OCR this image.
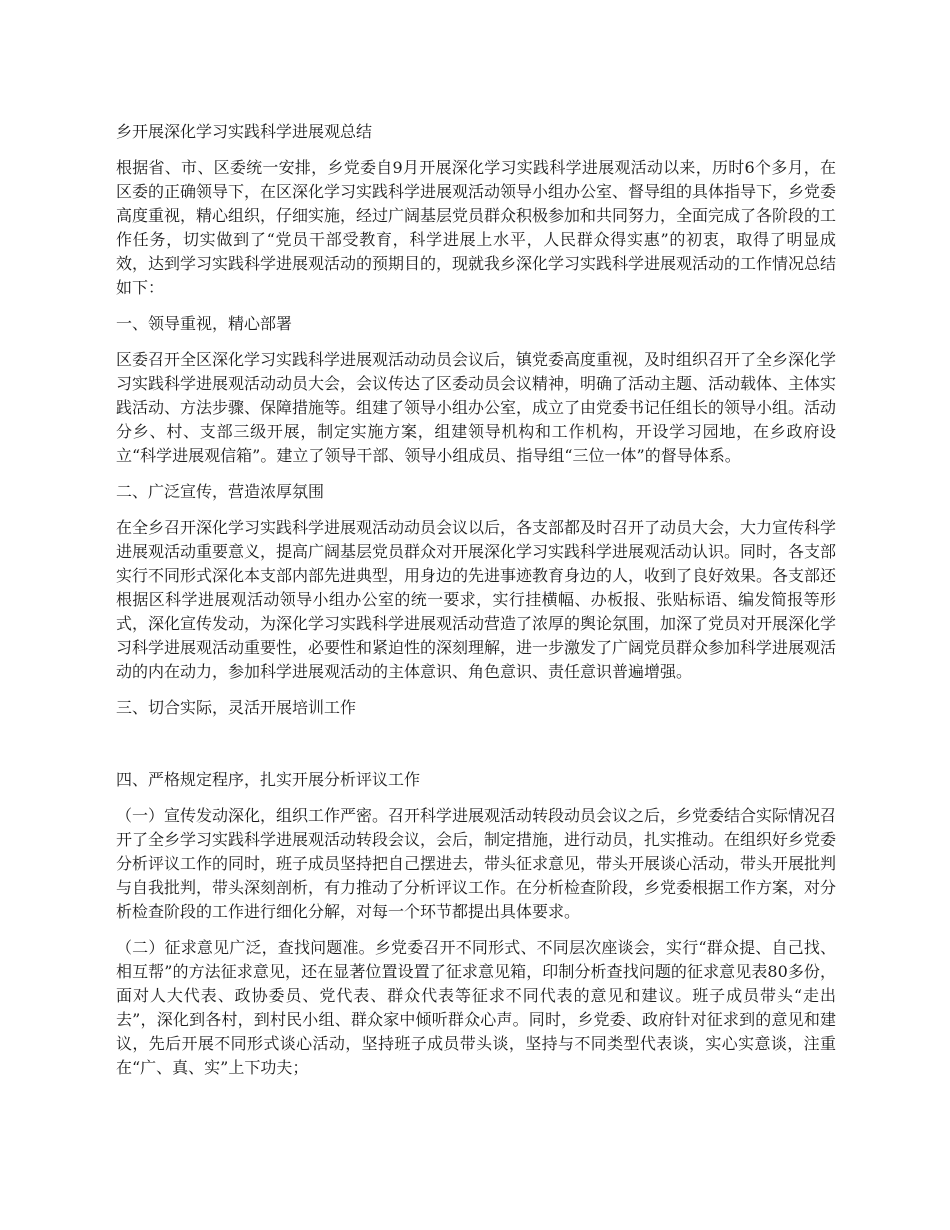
乡开展深化学习实践科学进展观总结

根据省、市、区委统一安排，乡党委自9月开展深化学习实践科学进展观活动以来，历时6个多月，在区委的正确领导下，在区深化学习实践科学进展观活动领导小组办公室、督导组的具体指导下，乡党委高度重视，精心组织，仔细实施，经过广阔基层党员群众积极参加和共同努力，全面完成了各阶段的工作任务，切实做到了“党员干部受教育，科学进展上水平，人民群众得实惠”的初衷，取得了明显成效，达到学习实践科学进展观活动的预期目的，现就我乡深化学习实践科学进展观活动的工作情况总结如下：

一、领导重视，精心部署

区委召开全区深化学习实践科学进展观活动动员会议后，镇党委高度重视，及时组织召开了全乡深化学习实践科学进展观活动动员大会，会议传达了区委动员会议精神，明确了活动主题、活动载体、主体实践活动、方法步骤、保障措施等。组建了领导小组办公室，成立了由党委书记任组长的领导小组。活动分乡、村、支部三级开展，制定实施方案，组建领导机构和工作机构，开设学习园地，在乡政府设立“科学进展观信箱”。建立了领导干部、领导小组成员、指导组“三位一体”的督导体系。

二、广泛宣传，营造浓厚氛围

在全乡召开深化学习实践科学进展观活动动员会议以后，各支部都及时召开了动员大会，大力宣传科学进展观活动重要意义，提高广阔基层党员群众对开展深化学习实践科学进展观活动认识。同时，各支部实行不同形式深化本支部内部先进典型，用身边的先进事迹教育身边的人，收到了良好效果。各支部还根据区科学进展观活动领导小组办公室的统一要求，实行挂横幅、办板报、张贴标语、编发简报等形式，深化宣传发动，为深化学习实践科学进展观活动营造了浓厚的舆论氛围，加深了党员对开展深化学习科学进展观活动重要性，必要性和紧迫性的深刻理解，进一步激发了广阔党员群众参加科学进展观活动的内在动力，参加科学进展观活动的主体意识、角色意识、责任意识普遍增强。

三、切合实际，灵活开展培训工作
四、严格规定程序，扎实开展分析评议工作

（一）宣传发动深化，组织工作严密。召开科学进展观活动转段动员会议之后，乡党委结合实际情况召开了全乡学习实践科学进展观活动转段会议，会后，制定措施，进行动员，扎实推动。在组织好乡党委分析评议工作的同时，班子成员坚持把自己摆进去，带头征求意见，带头开展谈心活动，带头开展批判与自我批判，带头深刻剖析，有力推动了分析评议工作。在分析检查阶段，乡党委根据工作方案，对分析检查阶段的工作进行细化分解，对每一个环节都提出具体要求。

（二）征求意见广泛，查找问题准。乡党委召开不同形式、不同层次座谈会，实行“群众提、自己找、相互帮”的方法征求意见，还在显著位置设置了征求意见箱，印制分析查找问题的征求意见表80多份，面对人大代表、政协委员、党代表、群众代表等征求不同代表的意见和建议。班子成员带头“走出去”，深化到各村，到村民小组、群众家中倾听群众心声。同时，乡党委、政府针对征求到的意见和建议，先后开展不同形式谈心活动，坚持班子成员带头谈，坚持与不同类型代表谈，实心实意谈，注重在“广、真、实”上下功夫；
